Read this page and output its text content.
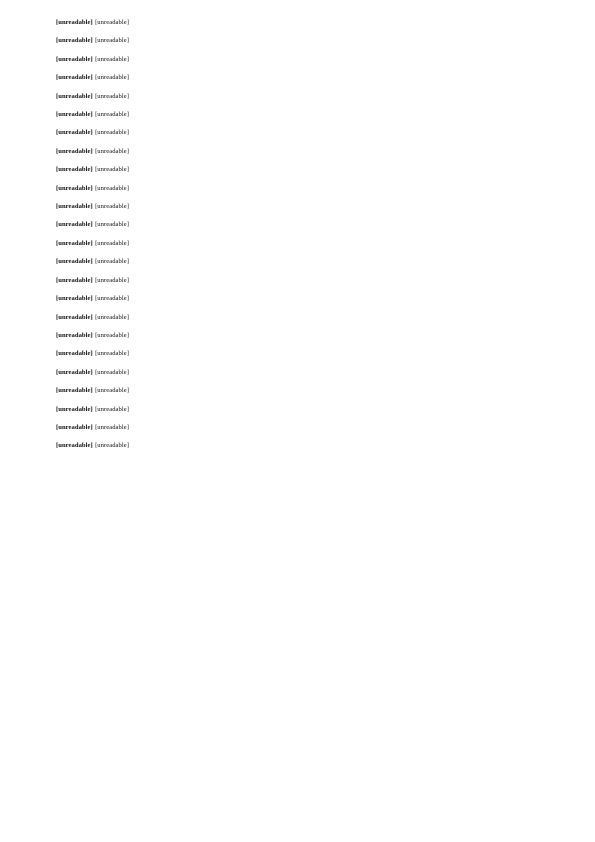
[unreadable] [unreadable]

[unreadable] [unreadable]

[unreadable] [unreadable]

[unreadable] [unreadable]

[unreadable] [unreadable]

[unreadable] [unreadable]

[unreadable] [unreadable]

[unreadable] [unreadable]

[unreadable] [unreadable]

[unreadable] [unreadable]

[unreadable] [unreadable]

[unreadable] [unreadable]

[unreadable] [unreadable]

[unreadable] [unreadable]

[unreadable] [unreadable]

[unreadable] [unreadable]

[unreadable] [unreadable]

[unreadable] [unreadable]

[unreadable] [unreadable]

[unreadable] [unreadable]

[unreadable] [unreadable]

[unreadable] [unreadable]

[unreadable] [unreadable]

[unreadable] [unreadable]
